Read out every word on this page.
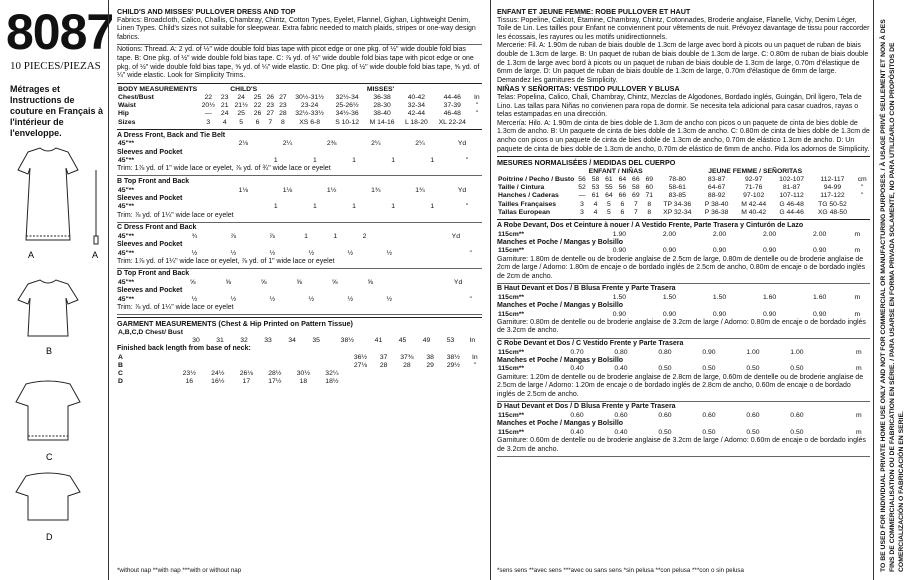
8087
10 PIECES/PIEZAS
Métrages et Instructions de couture en Français à l'intérieur de l'enveloppe.
A	A
B
C
D
CHILD'S AND MISSES' PULLOVER DRESS AND TOP
Fabrics: Broadcloth, Calico, Challis, Chambray, Chintz, Cotton Types, Eyelet, Flannel, Gighan, Lightweight Denim, Linen Types. Child's sizes not suitable for sleepwear. Extra fabric needed to match plaids, stripes or one-way design fabrics.
Notions: Thread. A: 2 yd. of ½" wide double fold bias tape with picot edge or one pkg. of ½" wide double fold bias tape. B: One pkg. of ½" wide double fold bias tape. C: ⅞ yd. of ½" wide double fold bias tape with picot edge or one pkg. of ½" wide double fold bias tape, ⅝ yd. of ¼" wide elastic. D: One pkg. of ½" wide double fold bias tape, ⅝ yd. of ¼" wide elastic. Look for Simplicity Trims.
BODY MEASUREMENTS	CHILD'S						MISSES'					
Chest/Bust	22	23	24	25	26	27	30½-31½	32½-34	36-38	40-42	44-46	In
Waist	20½	21	21½	22	23	23	23-24	25-26½	28-30	32-34	37-39	"
Hip	—	24	25	26	27	28	32½-33½	34½-36	38-40	42-44	46-48	"
Sizes	3	4	5	6	7	8	XS 6-8	S 10-12	M 14-16	L 18-20	XL 22-24	
A Dress Front, Back and Tie Belt
45"**							2⅛	2¼	2⅜	2¼	2¼	Yd
Sleeves and Pocket
45"**							1	1	1	1	1	"
Trim: 1⅞ yd. of 1" wide lace or eyelet, ⅞ yd. of ¾" wide lace or eyelet
B Top Front and Back
45"**							1⅛	1⅛	1½	1¾	1¾	Yd
Sleeves and Pocket
45"**							1	1	1	1	1	"
Trim: ⅞ yd. of 1¼" wide lace or eyelet
C Dress Front and Back
45"**	¾	⅞	⅞	1	1	2						Yd
Sleeves and Pocket
45"**	½	½	½	½	½	½						"
Trim: 1⅞ yd. of 1¼" wide lace or eyelet, ⅞ yd. of 1" wide lace or eyelet
D Top Front and Back
45"**	⅝	⅝	⅝	⅝	⅝	⅝						Yd
Sleeves and Pocket
45"**	½	½	½	½	½	½						"
Trim: ⅞ yd. of 1¼" wide lace or eyelet
GARMENT MEASUREMENTS (Chest & Hip Printed on Pattern Tissue)
A,B,C,D Chest/ Bust												
	30	31	32	33	34	35	38½	41	45	49	53	In
Finished back length from base of neck:
A							36½	37	37⅜	38	38½	In
B							27⅛	28	28	29	29½	"
C	23½	24½	26⅛	28½	30½	32¼						
D	16	16½	17	17½	18	18½						
*without nap **with nap ***with or without nap
ENFANT ET JEUNE FEMME: ROBE PULLOVER ET HAUT
Tissus: Popeline, Calicot, Étamine, Chambray, Chintz, Cotonnades, Broderie anglaise, Flanelle, Vichy, Denim Léger, Toile de Lin. Les tailles pour Enfant ne conviennent pour vêtements de nuit. Prévoyez davantage de tissu pour raccorder les écossais, les rayures ou les motifs unidirectionnels.
Mercerie: Fil. A: 1.90m de ruban de biais double de 1.3cm de large avec bord à picots ou un paquet de ruban de biais double de 1.3cm de large. B: Un paquet de ruban de biais double de 1.3cm de large. C: 0.80m de ruban de biais double de 1.3cm de large avec bord à picots ou un paquet de ruban de biais double de 1.3cm de large, 0.70m d'élastique de 6mm de large. D: Un paquet de ruban de biais double de 1.3cm de large, 0.70m d'élastique de 6mm de large. Demandez les garnitures de Simplicity.
NIÑAS Y SEÑORITAS: VESTIDO PULLOVER Y BLUSA
Telas: Popelina, Calico, Chali, Chambray, Chintz, Mezclas de Algodones, Bordado inglés, Guingán, Dril ligero, Tela de Lino. Las tallas para Niñas no convienen para ropa de dormir. Se necesita tela adicional para casar cuadros, rayas o telas estampadas en una dirección.
Mercería: Hilo. A: 1.90m de cinta de bies doble de 1.3cm de ancho con picos o un paquete de cinta de bies doble de 1.3cm de ancho. B: Un paquete de cinta de bies doble de 1.3cm de ancho. C: 0.80m de cinta de bies doble de 1.3cm de ancho con picos o un paquete de cinta de bies doble de 1.3cm de ancho, 0.70m de elástico 1.3cm de ancho. D: Un paquete de cinta de bies doble de 1.3cm de ancho, 0.70m de elástico de 6mm de ancho. Pida los adornos de Simplicity.
MESURES NORMALISÉES / MEDIDAS DEL CUERPO
	ENFANT / NIÑAS						JEUNE FEMME / SEÑORITAS					
Poitrine / Pecho / Busto	56	58	61	64	66	69	78-80	83-87	92-97	102-107	112-117	cm
Taille / Cintura	52	53	55	56	58	60	58-61	64-67	71-76	81-87	94-99	"
Hanches / Caderas	—	61	64	66	69	71	83-85	88-92	97-102	107-112	117-122	"
Tailles Françaises	3	4	5	6	7	8	TP 34-36	P 38-40	M 42-44	G 46-48	TG 50-52	
Tallas European	3	4	5	6	7	8	XP 32-34	P 36-38	M 40-42	G 44-46	XG 48-50	
A Robe Devant, Dos et Ceinture à nouer / A Vestido Frente, Parte Trasera y Cinturón de Lazo
115cm**							1.90	2.00	2.00	2.00	2.00	m
Manches et Poche / Mangas y Bolsillo
115cm**							0.90	0.90	0.90	0.90	0.90	m
Garniture: 1.80m de dentelle ou de broderie anglaise de 2.5cm de large, 0.80m de dentelle ou de broderie anglaise de 2cm de large / Adorno: 1.80m de encaje o de bordado inglés de 2.5cm de ancho, 0.80m de encaje o de bordado inglés de 2cm de ancho.
B Haut Devant et Dos / B Blusa Frente y Parte Trasera
115cm**							1.50	1.50	1.50	1.60	1.60	m
Manches et Poche / Mangas y Bolsillo
115cm**							0.90	0.90	0.90	0.90	0.90	m
Garniture: 0.80m de dentelle ou de broderie anglaise de 3.2cm de large / Adorno: 0.80m de encaje o de bordado inglés de 3.2cm de ancho.
C Robe Devant et Dos / C Vestido Frente y Parte Trasera
115cm**	0.70	0.80	0.80	0.90	1.00	1.00						m
Manches et Poche / Mangas y Bolsillo
115cm**	0.40	0.40	0.50	0.50	0.50	0.50						m
Garniture: 1.20m de dentelle ou de broderie anglaise de 2.8cm de large, 0.60m de dentelle ou de broderie anglaise de 2.5cm de large / Adorno: 1.20m de encaje o de bordado inglés de 2.8cm de ancho, 0.60m de encaje o de bordado inglés de 2.5cm de ancho.
D Haut Devant et Dos / D Blusa Frente y Parte Trasera
115cm**	0.60	0.60	0.60	0.60	0.60	0.60						m
Manches et Poche / Mangas y Bolsillo
115cm**	0.40	0.40	0.50	0.50	0.50	0.50						m
Garniture: 0.60m de dentelle ou de broderie anglaise de 3.2cm de large / Adorno: 0.60m de encaje o de bordado inglés de 3.2cm de ancho.
*sens sens **avec sens ***avec ou sans sens *sin pelusa **con pelusa ***con o sin pelusa	TO BE USED FOR INDIVIDUAL PRIVATE HOME USE ONLY AND NOT FOR COMMERCIAL OR MANUFACTURING PURPOSES. / À USAGE PRIVÉ SEULEMENT ET NON À DES FINS DE COMMERCIALISATION OU DE FABRICATION EN SÉRIE. / PARA USARSE EN FORMA PRIVADA SOLAMENTE, NO PARA UTILIZARLO CON PROPÓSITOS DE COMERCIALIZACIÓN O FABRICACIÓN EN SERIE.
